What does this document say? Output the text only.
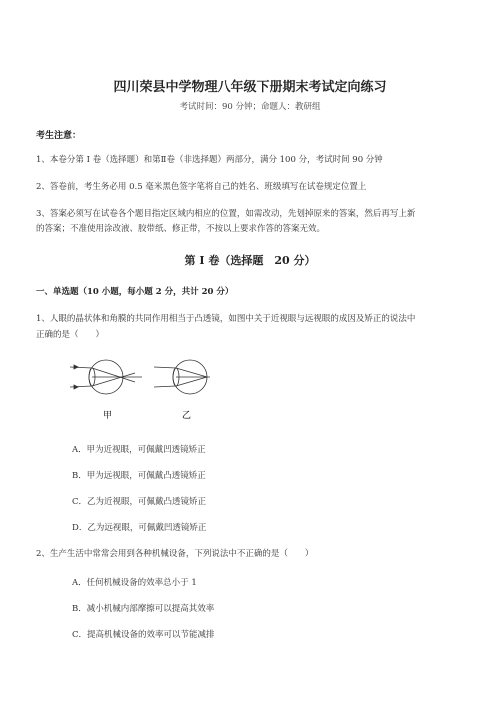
四川荣县中学物理八年级下册期末考试定向练习
考试时间：90 分钟；命题人：教研组
考生注意：
1、本卷分第 I 卷（选择题）和第Ⅱ卷（非选择题）两部分，满分 100 分，考试时间 90 分钟
2、答卷前，考生务必用 0.5 毫米黑色签字笔将自己的姓名、班级填写在试卷规定位置上
3、答案必须写在试卷各个题目指定区域内相应的位置，如需改动，先划掉原来的答案，然后再写上新
的答案；不准使用涂改液、胶带纸、修正带，不按以上要求作答的答案无效。
第 I 卷（选择题　20 分）
一、单选题（10 小题，每小题 2 分，共计 20 分）
1、人眼的晶状体和角膜的共同作用相当于凸透镜，如图中关于近视眼与远视眼的成因及矫正的说法中
正确的是（　　）
甲	乙
A．甲为近视眼，可佩戴凹透镜矫正
B．甲为远视眼，可佩戴凸透镜矫正
C．乙为近视眼，可佩戴凸透镜矫正
D．乙为远视眼，可佩戴凹透镜矫正
2、生产生活中常常会用到各种机械设备，下列说法中不正确的是（　　）
A．任何机械设备的效率总小于 1
B．减小机械内部摩擦可以提高其效率
C．提高机械设备的效率可以节能减排
